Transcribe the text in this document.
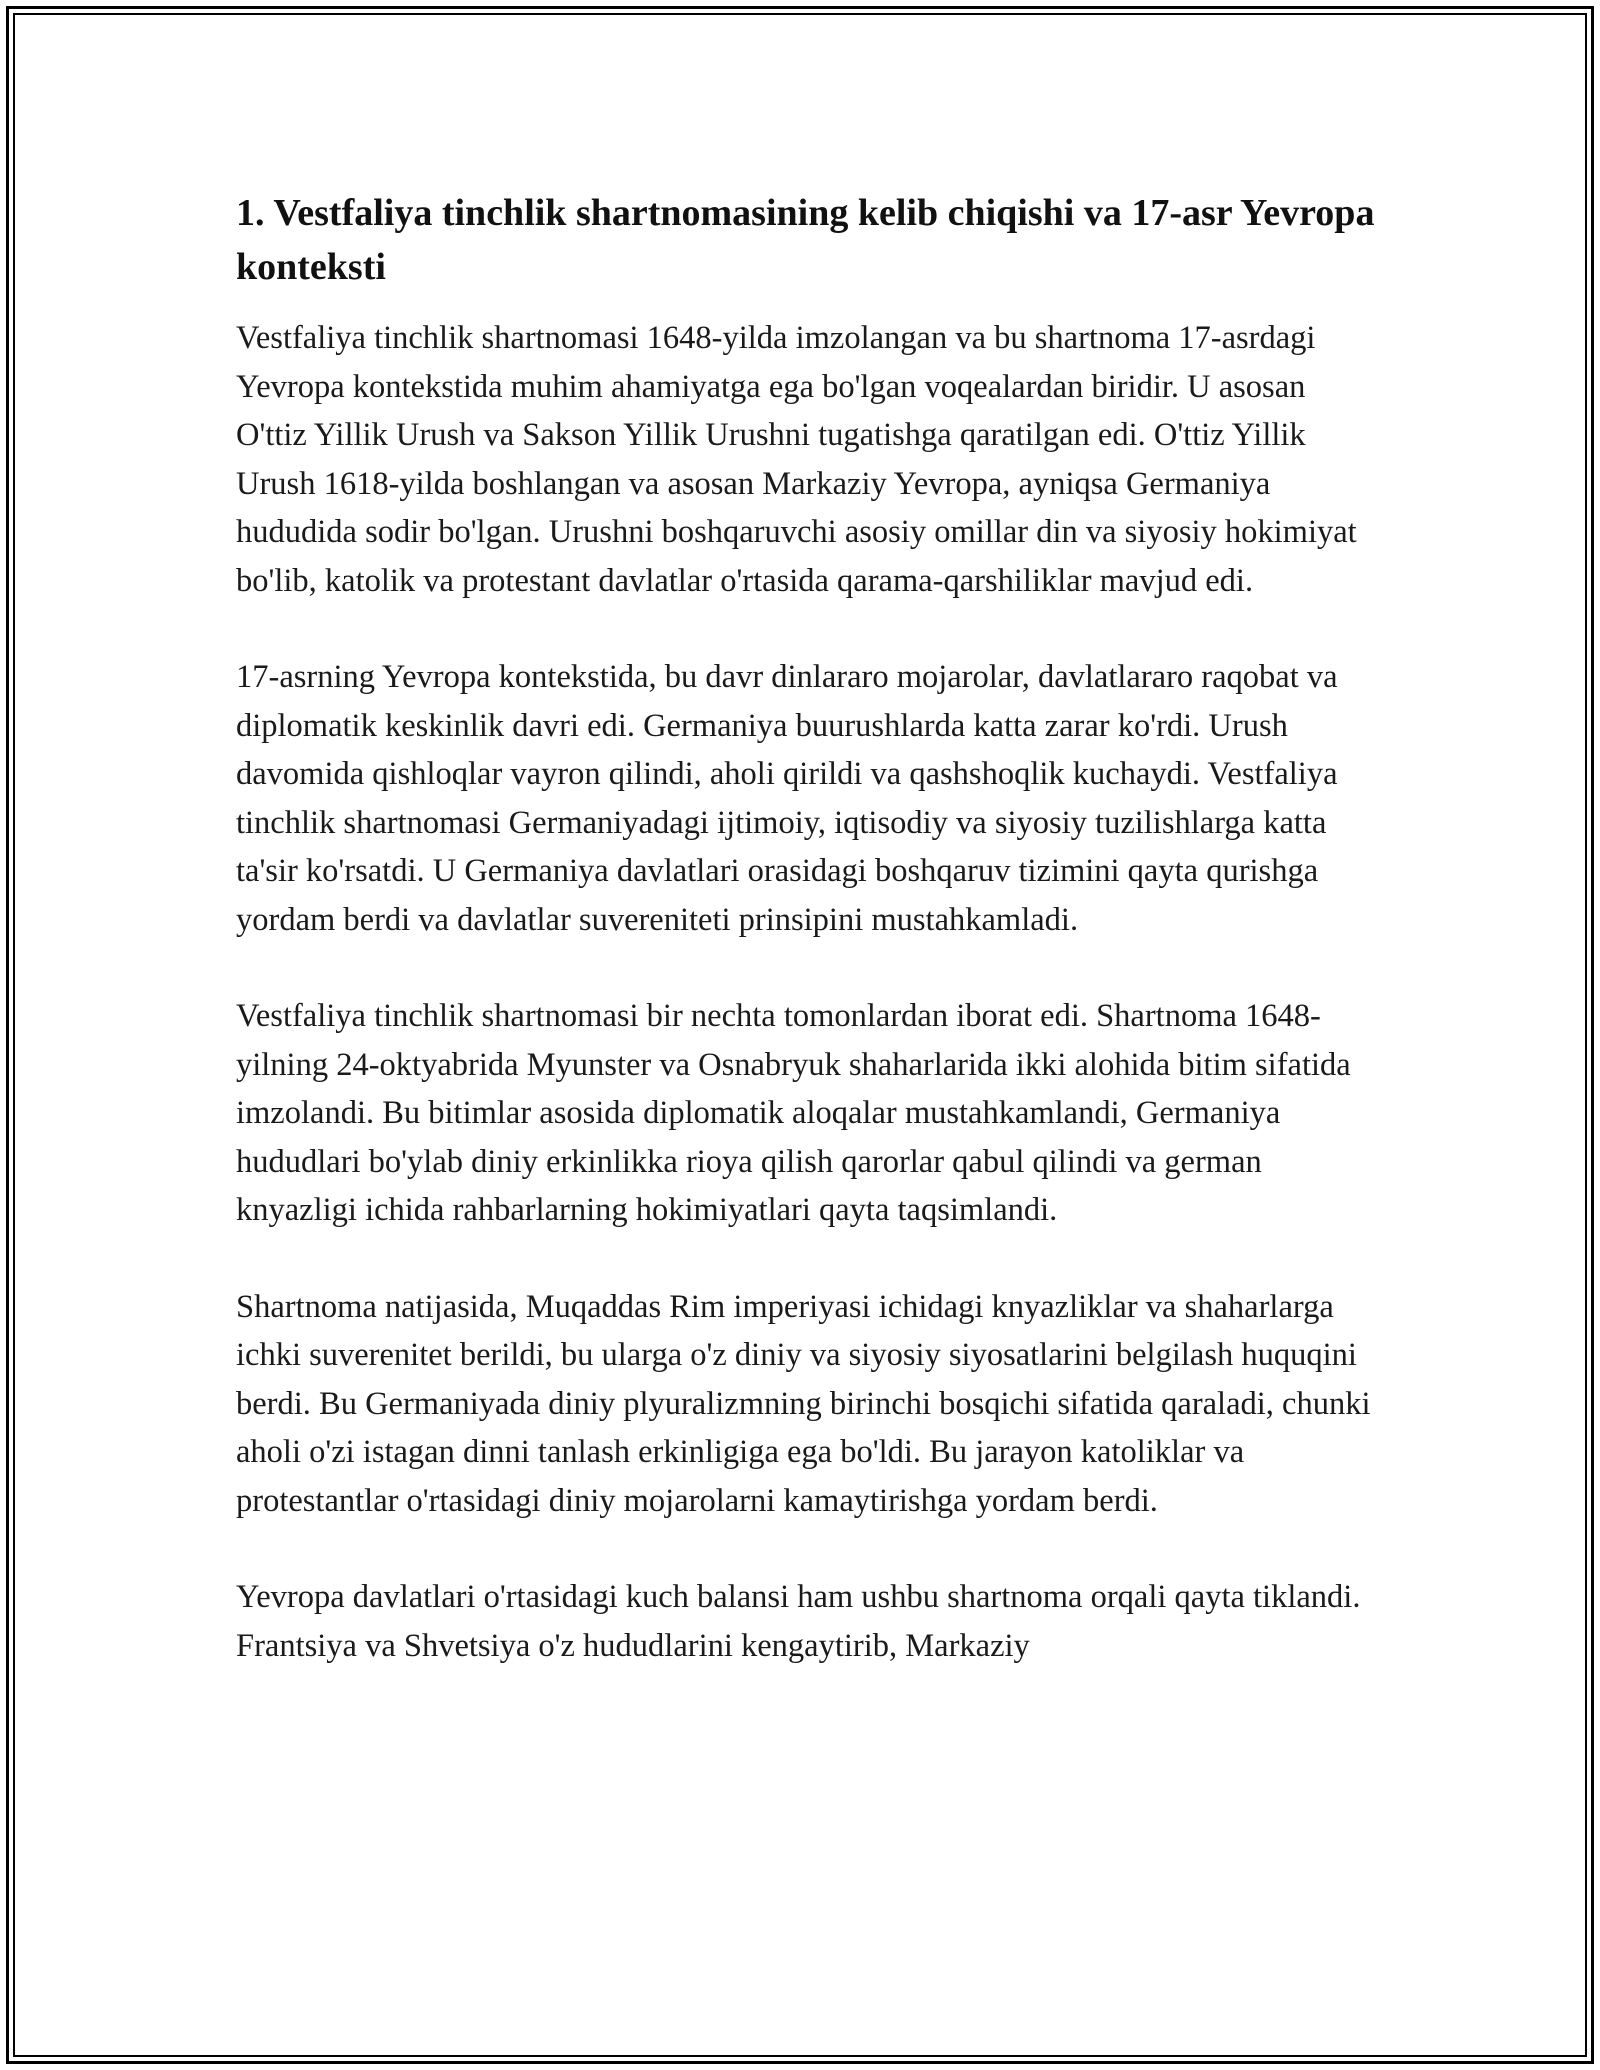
1. Vestfaliya tinchlik shartnomasining kelib chiqishi va 17-asr Yevropa konteksti

Vestfaliya tinchlik shartnomasi 1648-yilda imzolangan va bu shartnoma 17-asrdagi Yevropa kontekstida muhim ahamiyatga ega bo'lgan voqealardan biridir. U asosan O'ttiz Yillik Urush va Sakson Yillik Urushni tugatishga qaratilgan edi. O'ttiz Yillik Urush 1618-yilda boshlangan va asosan Markaziy Yevropa, ayniqsa Germaniya hududida sodir bo'lgan. Urushni boshqaruvchi asosiy omillar din va siyosiy hokimiyat bo'lib, katolik va protestant davlatlar o'rtasida qarama-qarshiliklar mavjud edi.

17-asrning Yevropa kontekstida, bu davr dinlararo mojarolar, davlatlararo raqobat va diplomatik keskinlik davri edi. Germaniya buurushlarda katta zarar ko'rdi. Urush davomida qishloqlar vayron qilindi, aholi qirildi va qashshoqlik kuchaydi. Vestfaliya tinchlik shartnomasi Germaniyadagi ijtimoiy, iqtisodiy va siyosiy tuzilishlarga katta ta'sir ko'rsatdi. U Germaniya davlatlari orasidagi boshqaruv tizimini qayta qurishga yordam berdi va davlatlar suvereniteti prinsipini mustahkamladi.

Vestfaliya tinchlik shartnomasi bir nechta tomonlardan iborat edi. Shartnoma 1648-yilning 24-oktyabrida Myunster va Osnabryuk shaharlarida ikki alohida bitim sifatida imzolandi. Bu bitimlar asosida diplomatik aloqalar mustahkamlandi, Germaniya hududlari bo'ylab diniy erkinlikka rioya qilish qarorlar qabul qilindi va german knyazligi ichida rahbarlarning hokimiyatlari qayta taqsimlandi.

Shartnoma natijasida, Muqaddas Rim imperiyasi ichidagi knyazliklar va shaharlarga ichki suverenitet berildi, bu ularga o'z diniy va siyosiy siyosatlarini belgilash huquqini berdi. Bu Germaniyada diniy plyuralizmning birinchi bosqichi sifatida qaraladi, chunki aholi o'zi istagan dinni tanlash erkinligiga ega bo'ldi. Bu jarayon katoliklar va protestantlar o'rtasidagi diniy mojarolarni kamaytirishga yordam berdi.

Yevropa davlatlari o'rtasidagi kuch balansi ham ushbu shartnoma orqali qayta tiklandi. Frantsiya va Shvetsiya o'z hududlarini kengaytirib, Markaziy
